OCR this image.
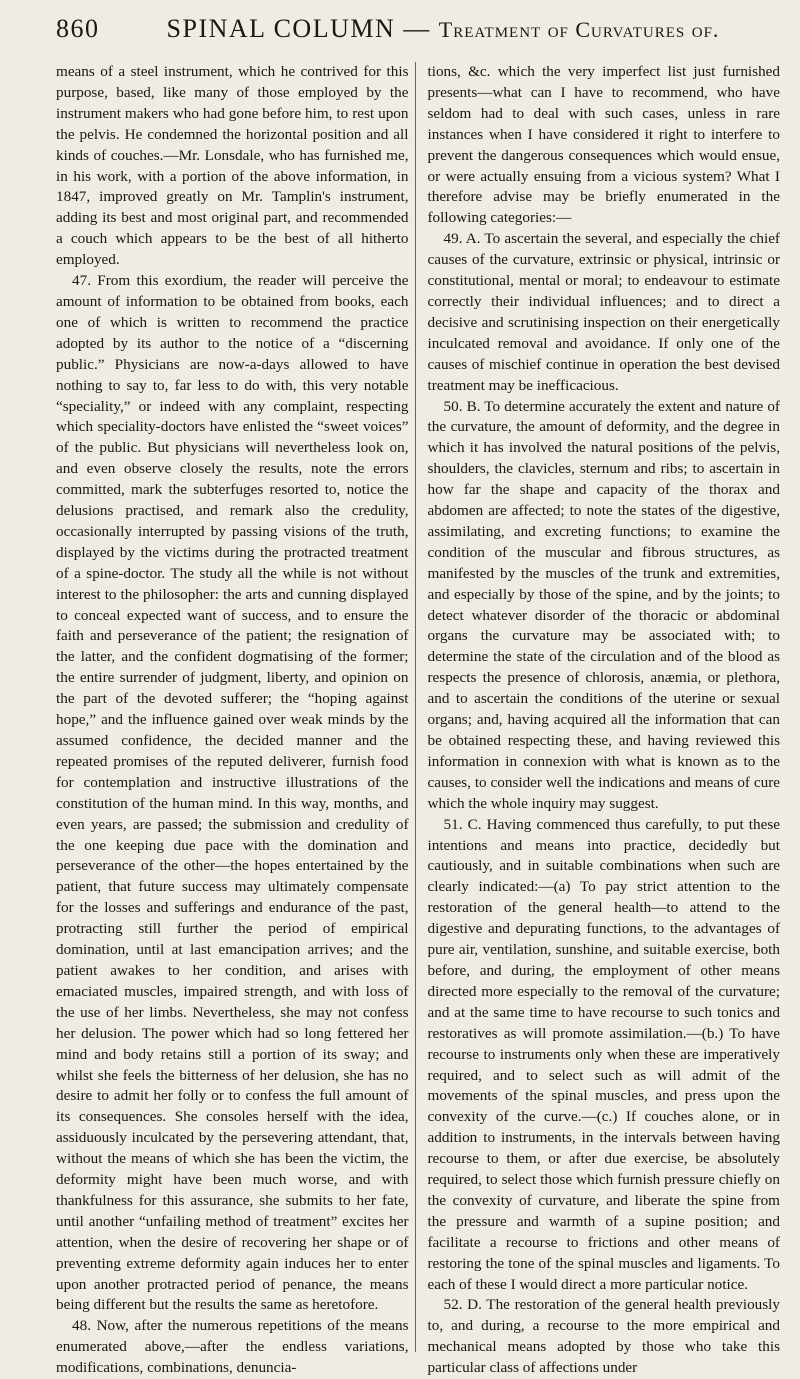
860	SPINAL COLUMN — Treatment of Curvatures of.

means of a steel instrument, which he contrived for this purpose, based, like many of those employed by the instrument makers who had gone before him, to rest upon the pelvis. He condemned the horizontal position and all kinds of couches.—Mr. Lonsdale, who has furnished me, in his work, with a portion of the above information, in 1847, improved greatly on Mr. Tamplin's instrument, adding its best and most original part, and recommended a couch which appears to be the best of all hitherto employed.

47. From this exordium, the reader will perceive the amount of information to be obtained from books, each one of which is written to recommend the practice adopted by its author to the notice of a “discerning public.” Physicians are now-a-days allowed to have nothing to say to, far less to do with, this very notable “speciality,” or indeed with any complaint, respecting which speciality-doctors have enlisted the “sweet voices” of the public. But physicians will nevertheless look on, and even observe closely the results, note the errors committed, mark the subterfuges resorted to, notice the delusions practised, and remark also the credulity, occasionally interrupted by passing visions of the truth, displayed by the victims during the protracted treatment of a spine-doctor. The study all the while is not without interest to the philosopher: the arts and cunning displayed to conceal expected want of success, and to ensure the faith and perseverance of the patient; the resignation of the latter, and the confident dogmatising of the former; the entire surrender of judgment, liberty, and opinion on the part of the devoted sufferer; the “hoping against hope,” and the influence gained over weak minds by the assumed confidence, the decided manner and the repeated promises of the reputed deliverer, furnish food for contemplation and instructive illustrations of the constitution of the human mind. In this way, months, and even years, are passed; the submission and credulity of the one keeping due pace with the domination and perseverance of the other—the hopes entertained by the patient, that future success may ultimately compensate for the losses and sufferings and endurance of the past, protracting still further the period of empirical domination, until at last emancipation arrives; and the patient awakes to her condition, and arises with emaciated muscles, impaired strength, and with loss of the use of her limbs. Nevertheless, she may not confess her delusion. The power which had so long fettered her mind and body retains still a portion of its sway; and whilst she feels the bitterness of her delusion, she has no desire to admit her folly or to confess the full amount of its consequences. She consoles herself with the idea, assiduously inculcated by the persevering attendant, that, without the means of which she has been the victim, the deformity might have been much worse, and with thankfulness for this assurance, she submits to her fate, until another “unfailing method of treatment” excites her attention, when the desire of recovering her shape or of preventing extreme deformity again induces her to enter upon another protracted period of penance, the means being different but the results the same as heretofore.

48. Now, after the numerous repetitions of the means enumerated above,—after the endless variations, modifications, combinations, denuncia-

tions, &c. which the very imperfect list just furnished presents—what can I have to recommend, who have seldom had to deal with such cases, unless in rare instances when I have considered it right to interfere to prevent the dangerous consequences which would ensue, or were actually ensuing from a vicious system? What I therefore advise may be briefly enumerated in the following categories:—

49. A. To ascertain the several, and especially the chief causes of the curvature, extrinsic or physical, intrinsic or constitutional, mental or moral; to endeavour to estimate correctly their individual influences; and to direct a decisive and scrutinising inspection on their energetically inculcated removal and avoidance. If only one of the causes of mischief continue in operation the best devised treatment may be inefficacious.

50. B. To determine accurately the extent and nature of the curvature, the amount of deformity, and the degree in which it has involved the natural positions of the pelvis, shoulders, the clavicles, sternum and ribs; to ascertain in how far the shape and capacity of the thorax and abdomen are affected; to note the states of the digestive, assimilating, and excreting functions; to examine the condition of the muscular and fibrous structures, as manifested by the muscles of the trunk and extremities, and especially by those of the spine, and by the joints; to detect whatever disorder of the thoracic or abdominal organs the curvature may be associated with; to determine the state of the circulation and of the blood as respects the presence of chlorosis, anæmia, or plethora, and to ascertain the conditions of the uterine or sexual organs; and, having acquired all the information that can be obtained respecting these, and having reviewed this information in connexion with what is known as to the causes, to consider well the indications and means of cure which the whole inquiry may suggest.

51. C. Having commenced thus carefully, to put these intentions and means into practice, decidedly but cautiously, and in suitable combinations when such are clearly indicated:—(a) To pay strict attention to the restoration of the general health—to attend to the digestive and depurating functions, to the advantages of pure air, ventilation, sunshine, and suitable exercise, both before, and during, the employment of other means directed more especially to the removal of the curvature; and at the same time to have recourse to such tonics and restoratives as will promote assimilation.—(b.) To have recourse to instruments only when these are imperatively required, and to select such as will admit of the movements of the spinal muscles, and press upon the convexity of the curve.—(c.) If couches alone, or in addition to instruments, in the intervals between having recourse to them, or after due exercise, be absolutely required, to select those which furnish pressure chiefly on the convexity of curvature, and liberate the spine from the pressure and warmth of a supine position; and facilitate a recourse to frictions and other means of restoring the tone of the spinal muscles and ligaments. To each of these I would direct a more particular notice.

52. D. The restoration of the general health previously to, and during, a recourse to the more empirical and mechanical means adopted by those who take this particular class of affections under
